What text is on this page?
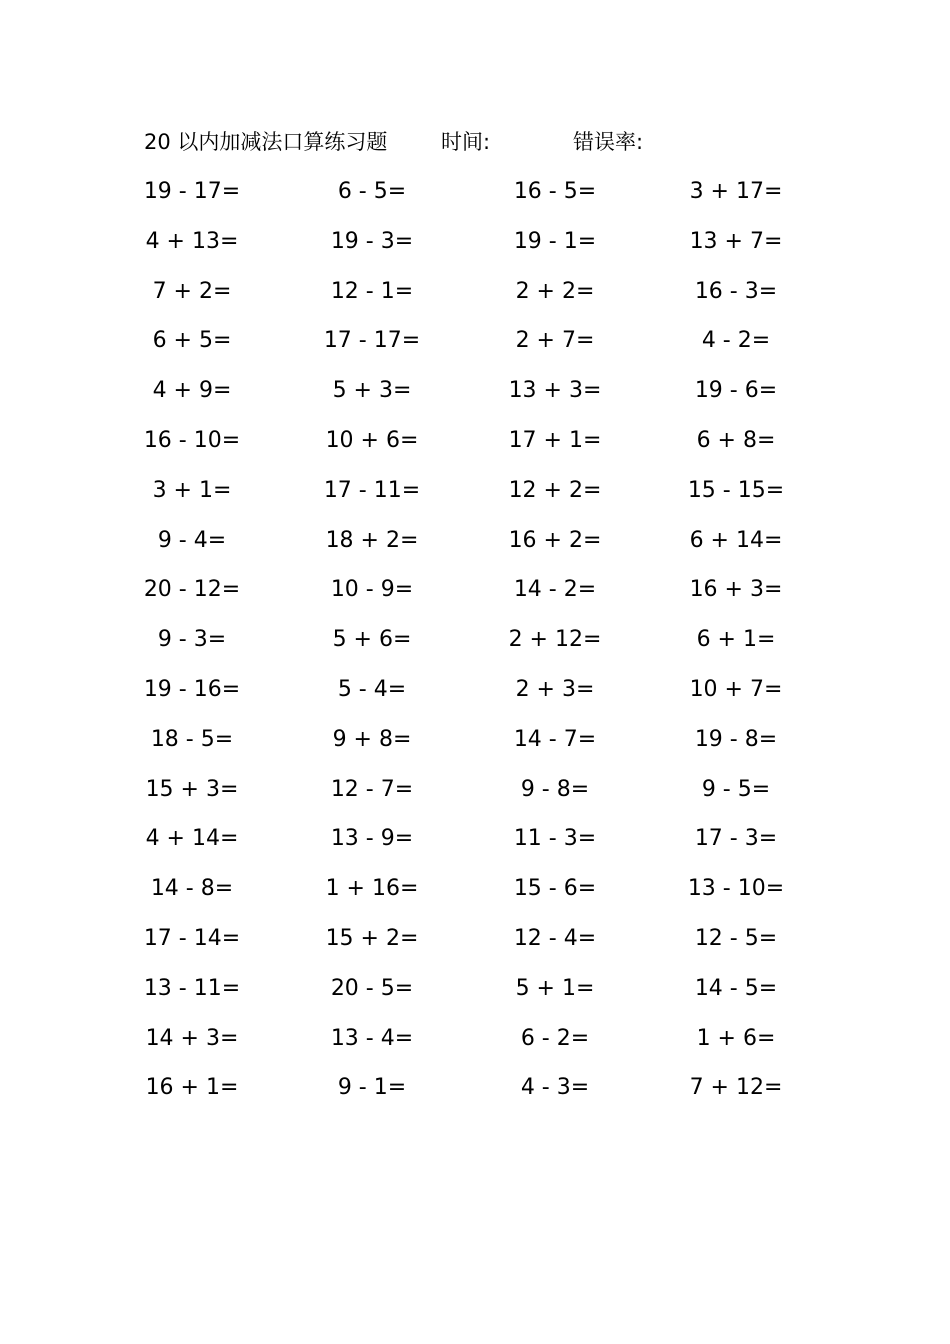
20 以内加减法口算练习题	时间:	错误率:
19 - 17=	6 - 5=	16 - 5=	3 + 17=
4 + 13=	19 - 3=	19 - 1=	13 + 7=
7 + 2=	12 - 1=	2 + 2=	16 - 3=
6 + 5=	17 - 17=	2 + 7=	4 - 2=
4 + 9=	5 + 3=	13 + 3=	19 - 6=
16 - 10=	10 + 6=	17 + 1=	6 + 8=
3 + 1=	17 - 11=	12 + 2=	15 - 15=
9 - 4=	18 + 2=	16 + 2=	6 + 14=
20 - 12=	10 - 9=	14 - 2=	16 + 3=
9 - 3=	5 + 6=	2 + 12=	6 + 1=
19 - 16=	5 - 4=	2 + 3=	10 + 7=
18 - 5=	9 + 8=	14 - 7=	19 - 8=
15 + 3=	12 - 7=	9 - 8=	9 - 5=
4 + 14=	13 - 9=	11 - 3=	17 - 3=
14 - 8=	1 + 16=	15 - 6=	13 - 10=
17 - 14=	15 + 2=	12 - 4=	12 - 5=
13 - 11=	20 - 5=	5 + 1=	14 - 5=
14 + 3=	13 - 4=	6 - 2=	1 + 6=
16 + 1=	9 - 1=	4 - 3=	7 + 12=
